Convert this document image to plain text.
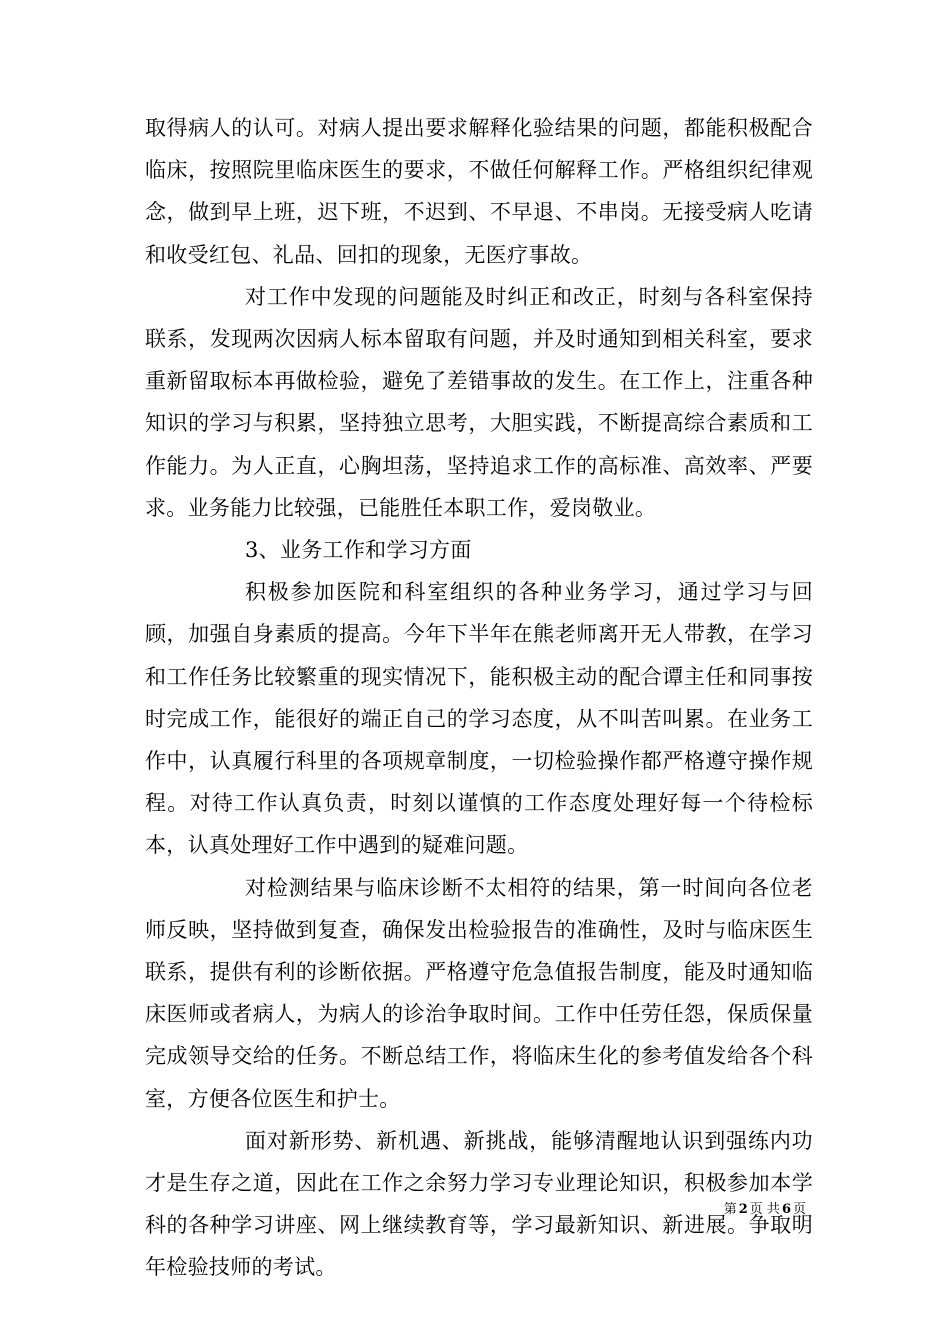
取得病人的认可。对病人提出要求解释化验结果的问题，都能积极配合临床，按照院里临床医生的要求，不做任何解释工作。严格组织纪律观念，做到早上班，迟下班，不迟到、不早退、不串岗。无接受病人吃请和收受红包、礼品、回扣的现象，无医疗事故。

对工作中发现的问题能及时纠正和改正，时刻与各科室保持联系，发现两次因病人标本留取有问题，并及时通知到相关科室，要求重新留取标本再做检验，避免了差错事故的发生。在工作上，注重各种知识的学习与积累，坚持独立思考，大胆实践，不断提高综合素质和工作能力。为人正直，心胸坦荡，坚持追求工作的高标准、高效率、严要求。业务能力比较强，已能胜任本职工作，爱岗敬业。

3、业务工作和学习方面

积极参加医院和科室组织的各种业务学习，通过学习与回顾，加强自身素质的提高。今年下半年在熊老师离开无人带教，在学习和工作任务比较繁重的现实情况下，能积极主动的配合谭主任和同事按时完成工作，能很好的端正自己的学习态度，从不叫苦叫累。在业务工作中，认真履行科里的各项规章制度，一切检验操作都严格遵守操作规程。对待工作认真负责，时刻以谨慎的工作态度处理好每一个待检标本，认真处理好工作中遇到的疑难问题。

对检测结果与临床诊断不太相符的结果，第一时间向各位老师反映，坚持做到复查，确保发出检验报告的准确性，及时与临床医生联系，提供有利的诊断依据。严格遵守危急值报告制度，能及时通知临床医师或者病人，为病人的诊治争取时间。工作中任劳任怨，保质保量完成领导交给的任务。不断总结工作，将临床生化的参考值发给各个科室，方便各位医生和护士。

面对新形势、新机遇、新挑战，能够清醒地认识到强练内功才是生存之道，因此在工作之余努力学习专业理论知识，积极参加本学科的各种学习讲座、网上继续教育等，学习最新知识、新进展。争取明年检验技师的考试。

第 2 页 共 6 页
